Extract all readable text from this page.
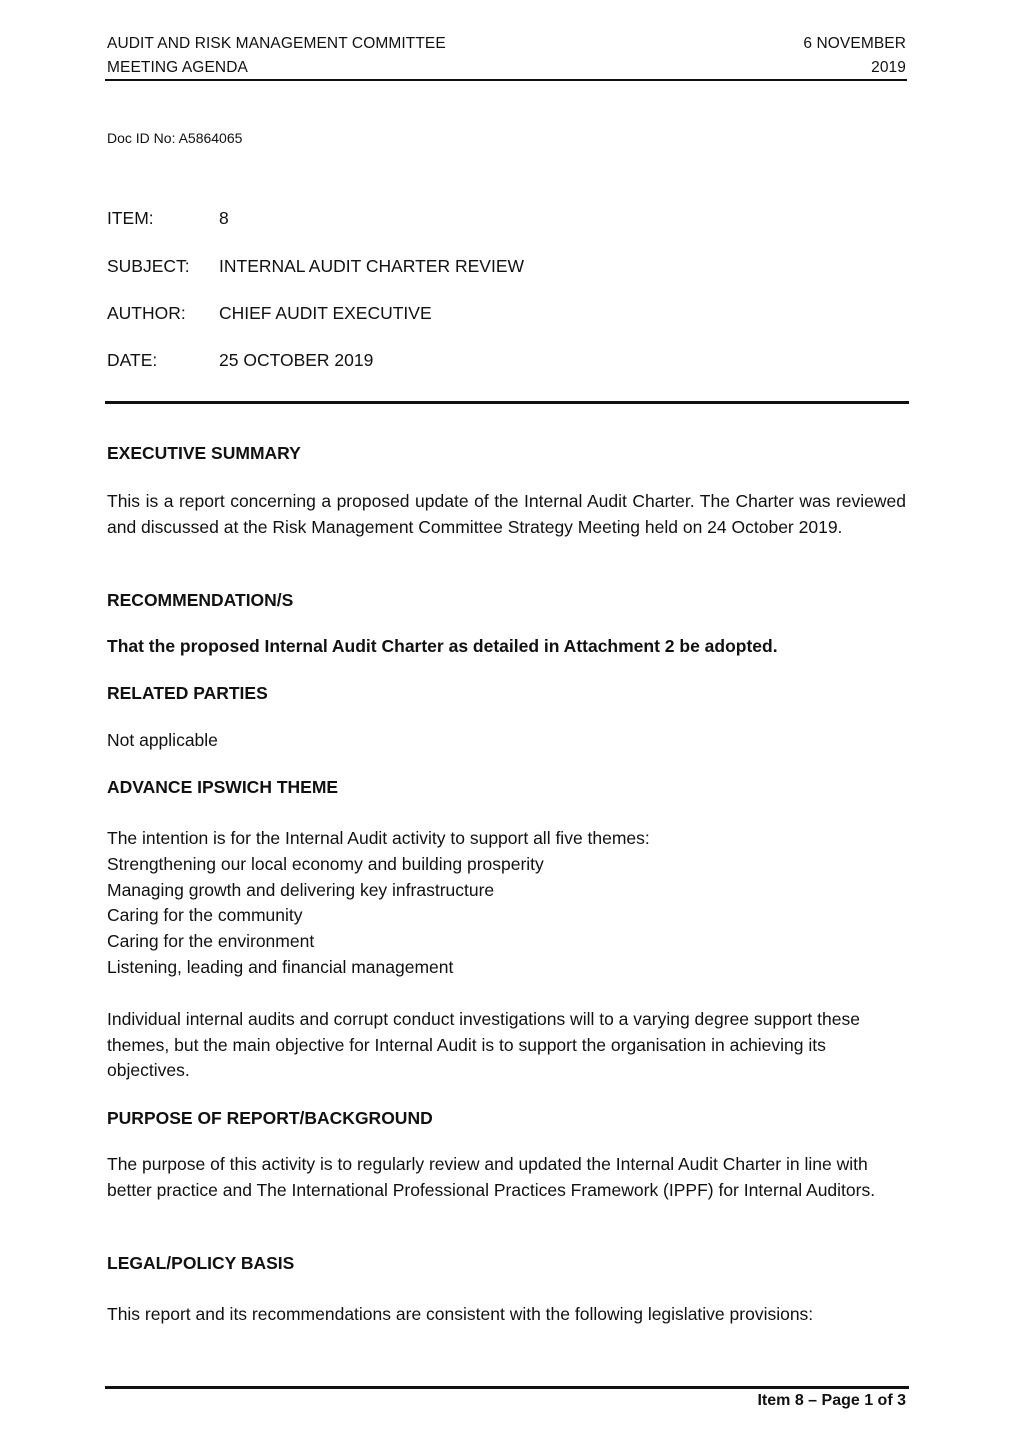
AUDIT AND RISK MANAGEMENT COMMITTEE
MEETING AGENDA
6 NOVEMBER
2019
Doc ID No: A5864065
ITEM:	8
SUBJECT: INTERNAL AUDIT CHARTER REVIEW
AUTHOR: CHIEF AUDIT EXECUTIVE
DATE:	25 OCTOBER 2019
EXECUTIVE SUMMARY
This is a report concerning a proposed update of the Internal Audit Charter. The Charter was reviewed and discussed at the Risk Management Committee Strategy Meeting held on 24 October 2019.
RECOMMENDATION/S
That the proposed Internal Audit Charter as detailed in Attachment 2 be adopted.
RELATED PARTIES
Not applicable
ADVANCE IPSWICH THEME
The intention is for the Internal Audit activity to support all five themes:
Strengthening our local economy and building prosperity
Managing growth and delivering key infrastructure
Caring for the community
Caring for the environment
Listening, leading and financial management
Individual internal audits and corrupt conduct investigations will to a varying degree support these themes, but the main objective for Internal Audit is to support the organisation in achieving its objectives.
PURPOSE OF REPORT/BACKGROUND
The purpose of this activity is to regularly review and updated the Internal Audit Charter in line with better practice and The International Professional Practices Framework (IPPF) for Internal Auditors.
LEGAL/POLICY BASIS
This report and its recommendations are consistent with the following legislative provisions:
Item 8 – Page 1 of 3
